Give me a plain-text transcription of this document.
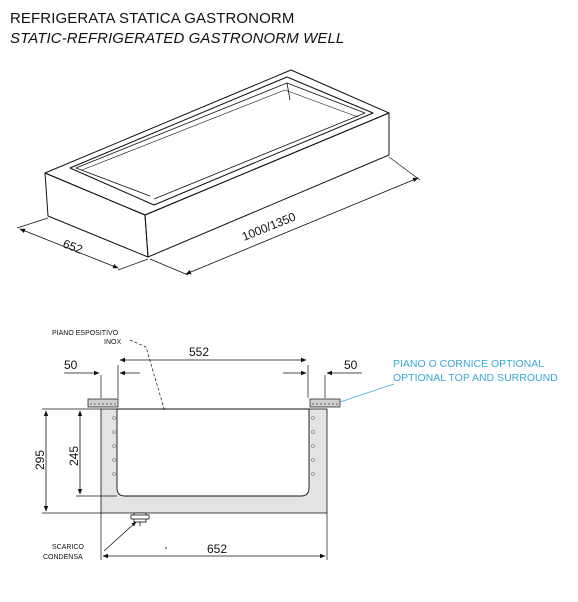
REFRIGERATA STATICA GASTRONORM
STATIC-REFRIGERATED GASTRONORM WELL
652
1000/1350
PIANO ESPOSITIVO
INOX
552
50	50	PIANO O CORNICE OPTIONAL
OPTIONAL TOP AND SURROUND
295 245
SCARICO
CONDENSA
652
